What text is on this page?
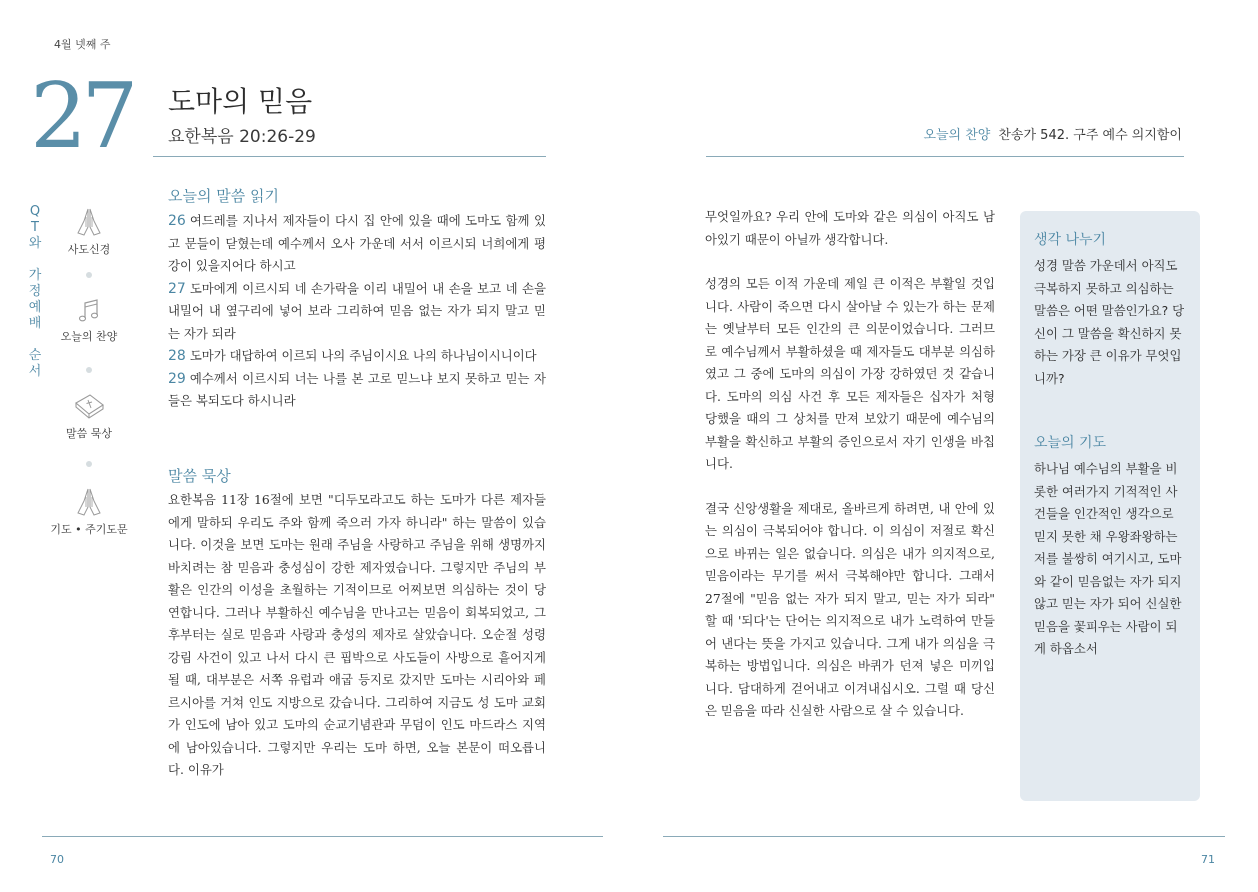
4월 넷째 주
27 도마의 믿음
요한복음 20:26-29	오늘의 찬양 찬송가 542. 구주 예수 의지함이
Q
T
와
가
정
예
배
순
서
사도신경
오늘의 찬양
말씀 묵상
기도 • 주기도문
오늘의 말씀 읽기
26 여드레를 지나서 제자들이 다시 집 안에 있을 때에 도마도 함께 있고 문들이 닫혔는데 예수께서 오사 가운데 서서 이르시되 너희에게 평강이 있을지어다 하시고
27 도마에게 이르시되 네 손가락을 이리 내밀어 내 손을 보고 네 손을 내밀어 내 옆구리에 넣어 보라 그리하여 믿음 없는 자가 되지 말고 믿는 자가 되라
28 도마가 대답하여 이르되 나의 주님이시요 나의 하나님이시니이다
29 예수께서 이르시되 너는 나를 본 고로 믿느냐 보지 못하고 믿는 자들은 복되도다 하시니라
말씀 묵상
요한복음 11장 16절에 보면 "디두모라고도 하는 도마가 다른 제자들에게 말하되 우리도 주와 함께 죽으러 가자 하니라" 하는 말씀이 있습니다. 이것을 보면 도마는 원래 주님을 사랑하고 주님을 위해 생명까지 바치려는 참 믿음과 충성심이 강한 제자였습니다. 그렇지만 주님의 부활은 인간의 이성을 초월하는 기적이므로 어찌보면 의심하는 것이 당연합니다. 그러나 부활하신 예수님을 만나고는 믿음이 회복되었고, 그 후부터는 실로 믿음과 사랑과 충성의 제자로 살았습니다. 오순절 성령강림 사건이 있고 나서 다시 큰 핍박으로 사도들이 사방으로 흩어지게 될 때, 대부분은 서쪽 유럽과 애굽 등지로 갔지만 도마는 시리아와 페르시아를 거쳐 인도 지방으로 갔습니다. 그리하여 지금도 성 도마 교회가 인도에 남아 있고 도마의 순교기념관과 무덤이 인도 마드라스 지역에 남아있습니다. 그렇지만 우리는 도마 하면, 오늘 본문이 떠오릅니다. 이유가

무엇일까요? 우리 안에 도마와 같은 의심이 아직도 남아있기 때문이 아닐까 생각합니다.

성경의 모든 이적 가운데 제일 큰 이적은 부활일 것입니다. 사람이 죽으면 다시 살아날 수 있는가 하는 문제는 옛날부터 모든 인간의 큰 의문이었습니다. 그러므로 예수님께서 부활하셨을 때 제자들도 대부분 의심하였고 그 중에 도마의 의심이 가장 강하였던 것 같습니다. 도마의 의심 사건 후 모든 제자들은 십자가 처형 당했을 때의 그 상처를 만져 보았기 때문에 예수님의 부활을 확신하고 부활의 증인으로서 자기 인생을 바칩니다.

결국 신앙생활을 제대로, 올바르게 하려면, 내 안에 있는 의심이 극복되어야 합니다. 이 의심이 저절로 확신으로 바뀌는 일은 없습니다. 의심은 내가 의지적으로, 믿음이라는 무기를 써서 극복해야만 합니다. 그래서 27절에 "믿음 없는 자가 되지 말고, 믿는 자가 되라" 할 때 '되다'는 단어는 의지적으로 내가 노력하여 만들어 낸다는 뜻을 가지고 있습니다. 그게 내가 의심을 극복하는 방법입니다. 의심은 바퀴가 던져 넣은 미끼입니다. 담대하게 걷어내고 이겨내십시오. 그럴 때 당신은 믿음을 따라 신실한 사람으로 살 수 있습니다.

생각 나누기
성경 말씀 가운데서 아직도 극복하지 못하고 의심하는 말씀은 어떤 말씀인가요? 당신이 그 말씀을 확신하지 못하는 가장 큰 이유가 무엇입니까?
오늘의 기도
하나님 예수님의 부활을 비롯한 여러가지 기적적인 사건들을 인간적인 생각으로 믿지 못한 채 우왕좌왕하는 저를 불쌍히 여기시고, 도마와 같이 믿음없는 자가 되지 않고 믿는 자가 되어 신실한 믿음을 꽃피우는 사람이 되게 하옵소서
70	71
